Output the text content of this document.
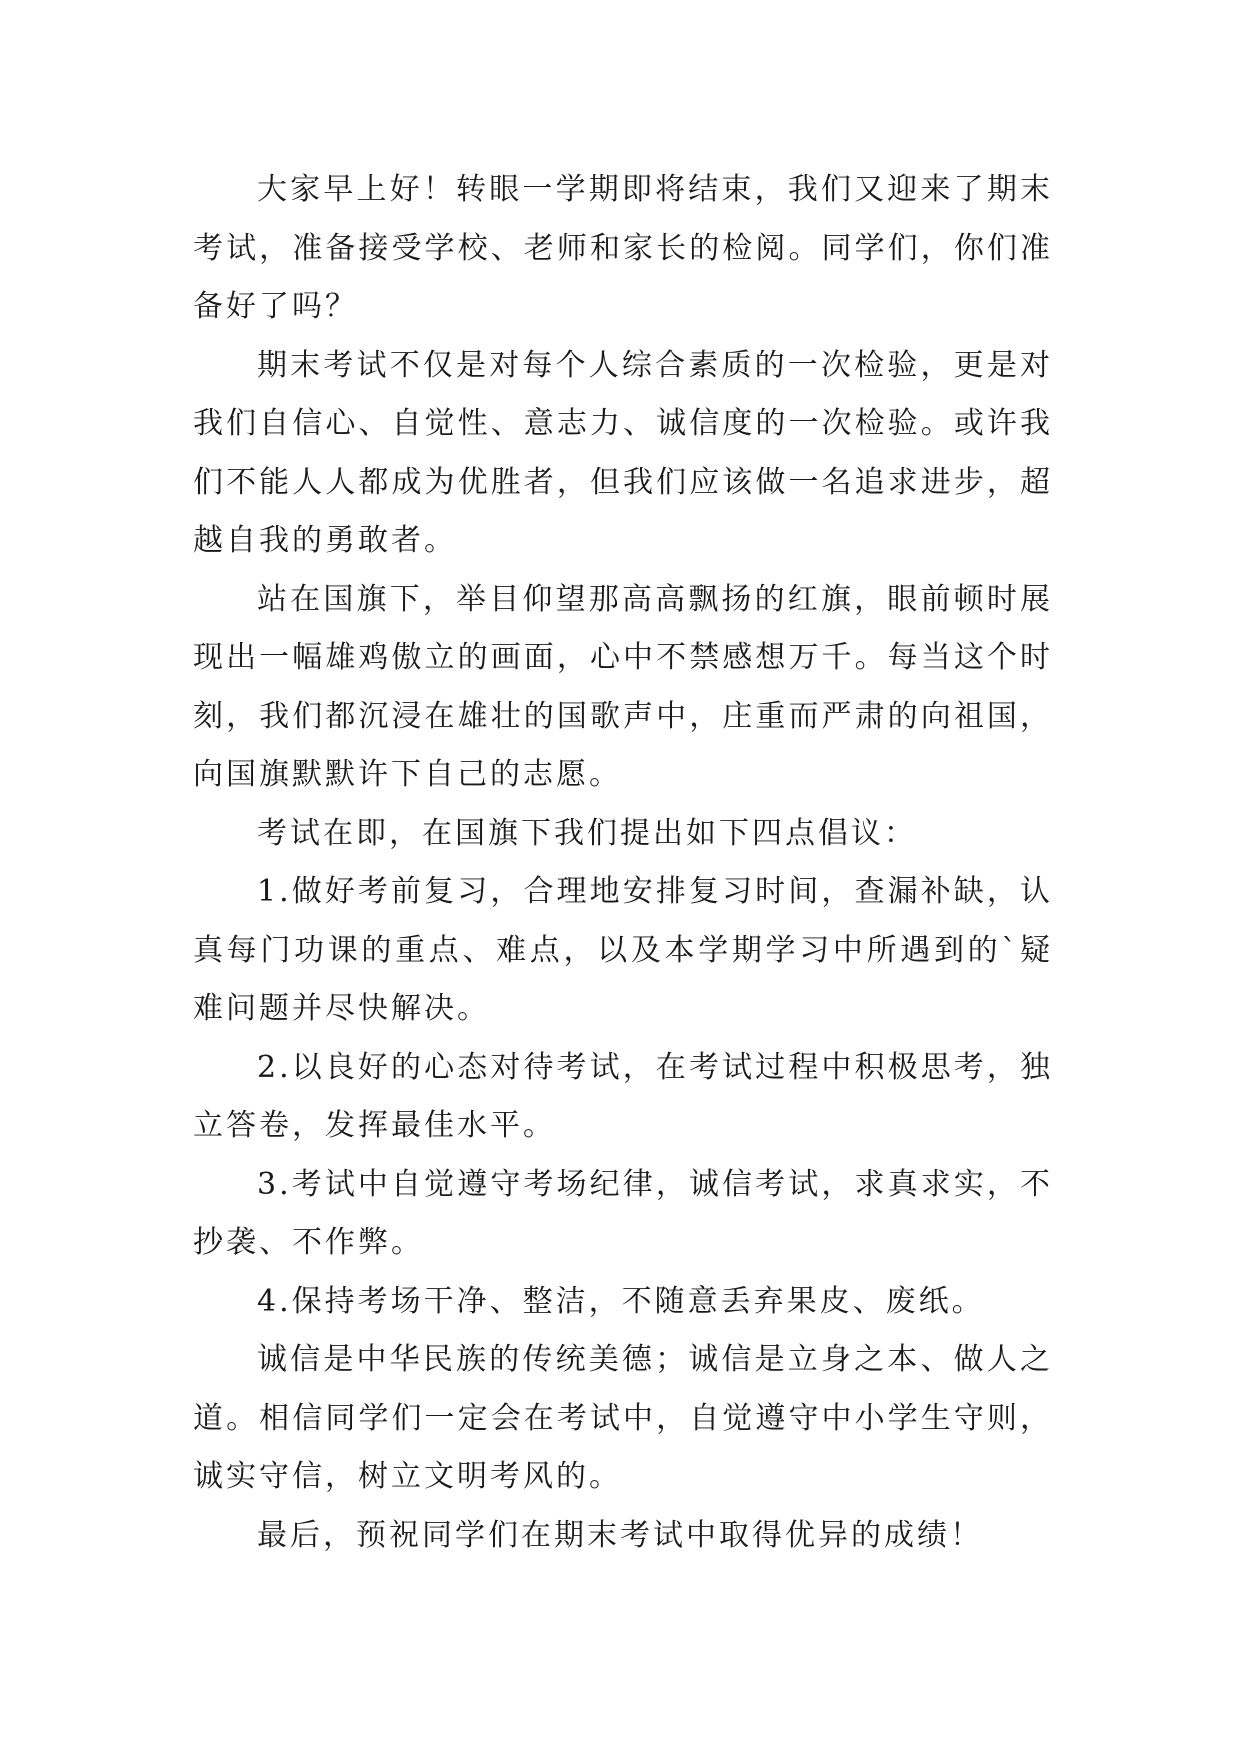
大家早上好！转眼一学期即将结束，我们又迎来了期末考试，准备接受学校、老师和家长的检阅。同学们，你们准备好了吗？

期末考试不仅是对每个人综合素质的一次检验，更是对我们自信心、自觉性、意志力、诚信度的一次检验。或许我们不能人人都成为优胜者，但我们应该做一名追求进步，超越自我的勇敢者。

站在国旗下，举目仰望那高高飘扬的红旗，眼前顿时展现出一幅雄鸡傲立的画面，心中不禁感想万千。每当这个时刻，我们都沉浸在雄壮的国歌声中，庄重而严肃的向祖国，向国旗默默许下自己的志愿。

考试在即，在国旗下我们提出如下四点倡议：

1.做好考前复习，合理地安排复习时间，查漏补缺，认真每门功课的重点、难点，以及本学期学习中所遇到的`疑难问题并尽快解决。

2.以良好的心态对待考试，在考试过程中积极思考，独立答卷，发挥最佳水平。

3.考试中自觉遵守考场纪律，诚信考试，求真求实，不抄袭、不作弊。

4.保持考场干净、整洁，不随意丢弃果皮、废纸。

诚信是中华民族的传统美德；诚信是立身之本、做人之道。相信同学们一定会在考试中，自觉遵守中小学生守则，诚实守信，树立文明考风的。

最后，预祝同学们在期末考试中取得优异的成绩！
